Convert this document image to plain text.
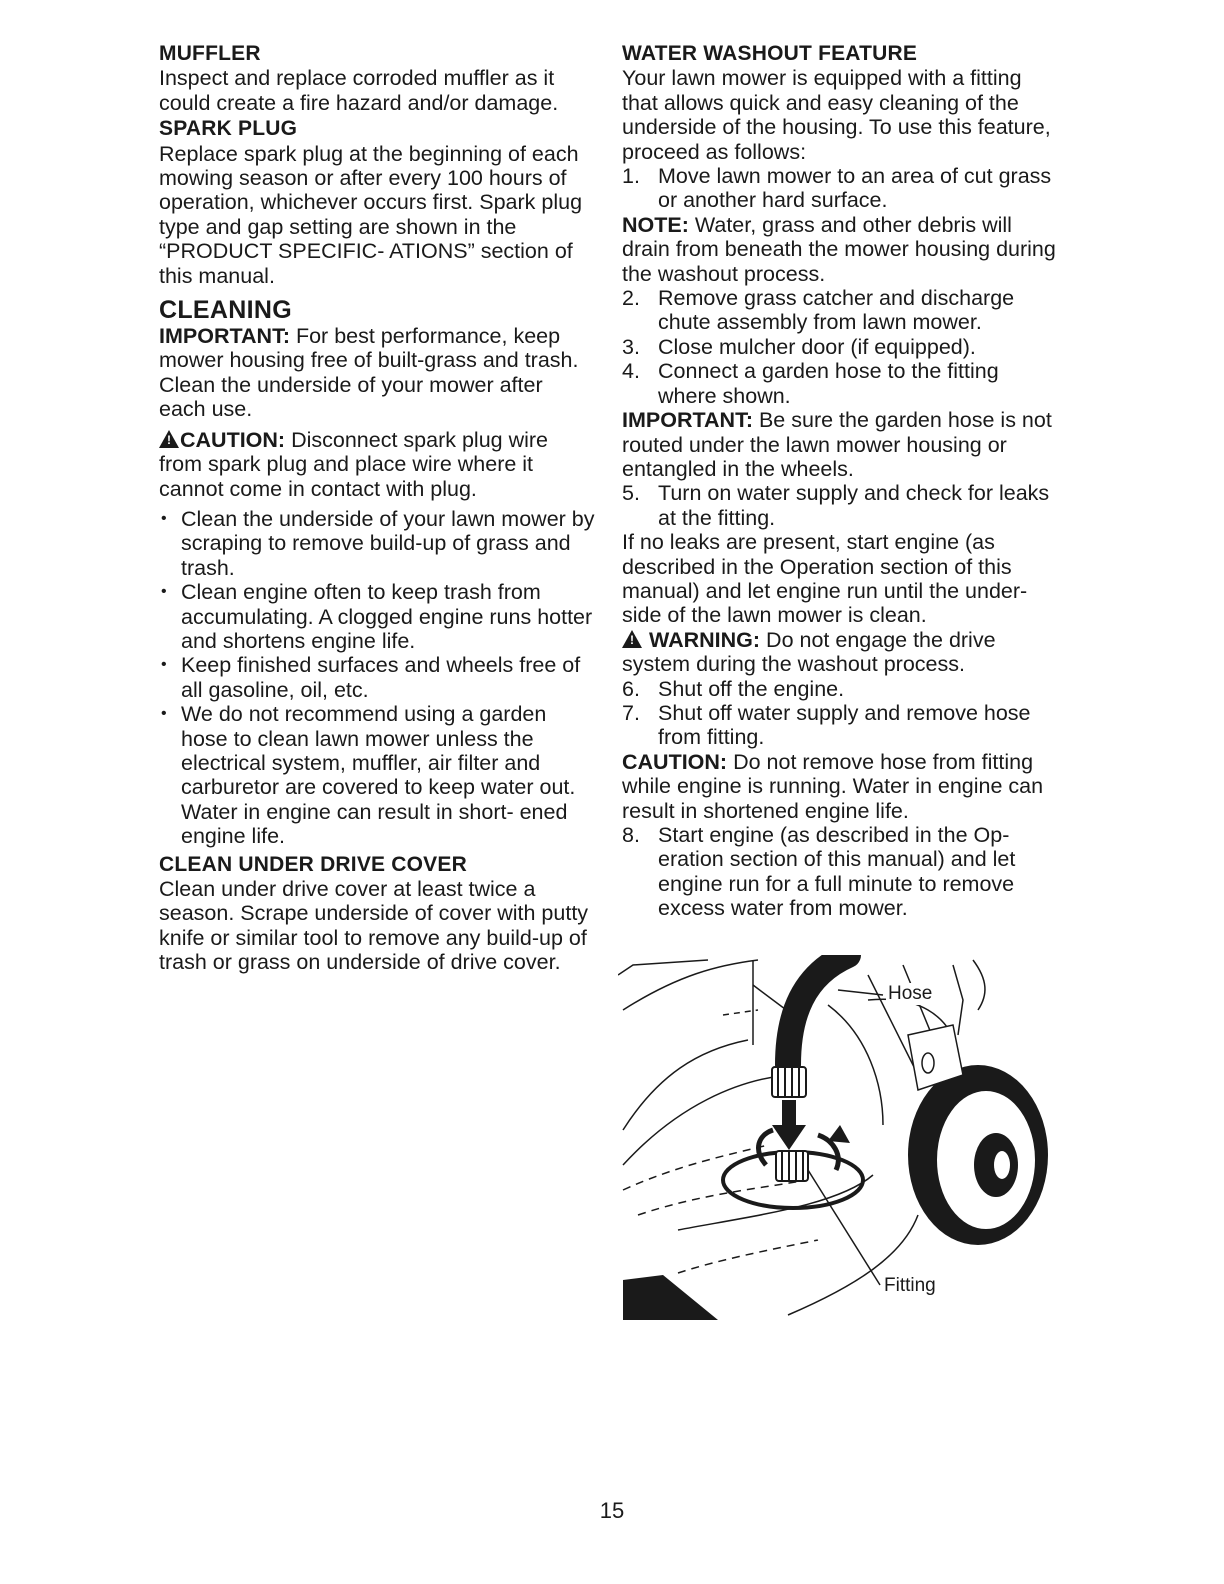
MUFFLER

Inspect and replace corroded muffler as it could create a fire hazard and/or damage.

SPARK PLUG

Replace spark plug at the beginning of each mowing season or after every 100 hours of operation, whichever occurs first. Spark plug type and gap setting are shown in the “PRODUCT SPECIFIC- ATIONS” section of this manual.

CLEANING

IMPORTANT: For best performance, keep mower housing free of built-grass and trash. Clean the underside of your mower after each use.

!CAUTION: Disconnect spark plug wire from spark plug and place wire where it cannot come in contact with plug.

• Clean the underside of your lawn mower by scraping to remove build-up of grass and trash.
• Clean engine often to keep trash from accumulating. A clogged engine runs hotter and shortens engine life.
• Keep finished surfaces and wheels free of all gasoline, oil, etc.
• We do not recommend using a garden hose to clean lawn mower unless the electrical system, muffler, air filter and carburetor are covered to keep water out. Water in engine can result in short- ened engine life.
CLEAN UNDER DRIVE COVER

Clean under drive cover at least twice a season. Scrape underside of cover with putty knife or similar tool to remove any build-up of trash or grass on underside of drive cover.

WATER WASHOUT FEATURE

Your lawn mower is equipped with a fitting that allows quick and easy cleaning of the underside of the housing. To use this feature, proceed as follows:

1. Move lawn mower to an area of cut grass or another hard surface.

NOTE: Water, grass and other debris will drain from beneath the mower housing during the washout process.

2. Remove grass catcher and discharge chute assembly from lawn mower.
3. Close mulcher door (if equipped).
4. Connect a garden hose to the fitting where shown.

IMPORTANT: Be sure the garden hose is not routed under the lawn mower housing or entangled in the wheels.

5. Turn on water supply and check for leaks at the fitting.

If no leaks are present, start engine (as described in the Operation section of this manual) and let engine run until the under- side of the lawn mower is clean.

! WARNING: Do not engage the drive system during the washout process.

6. Shut off the engine.
7. Shut off water supply and remove hose from fitting.

CAUTION: Do not remove hose from fitting while engine is running. Water in engine can result in shortened engine life.

8. Start engine (as described in the Op- eration section of this manual) and let engine run for a full minute to remove excess water from mower.
Hose
Fitting
15
